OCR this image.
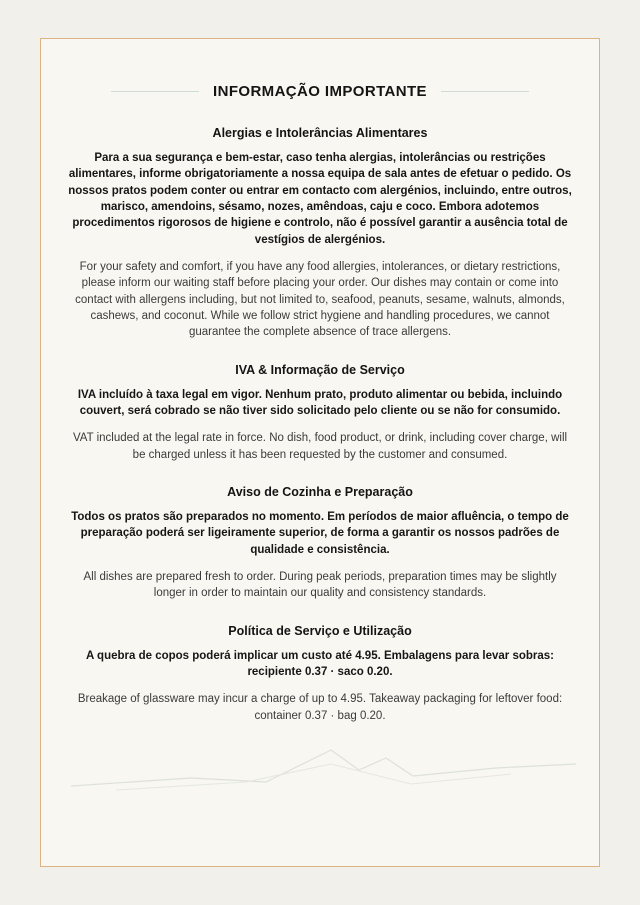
INFORMAÇÃO IMPORTANTE
Alergias e Intolerâncias Alimentares

Para a sua segurança e bem-estar, caso tenha alergias, intolerâncias ou restrições alimentares, informe obrigatoriamente a nossa equipa de sala antes de efetuar o pedido. Os nossos pratos podem conter ou entrar em contacto com alergénios, incluindo, entre outros, marisco, amendoins, sésamo, nozes, amêndoas, caju e coco. Embora adotemos procedimentos rigorosos de higiene e controlo, não é possível garantir a ausência total de vestígios de alergénios.

For your safety and comfort, if you have any food allergies, intolerances, or dietary restrictions, please inform our waiting staff before placing your order. Our dishes may contain or come into contact with allergens including, but not limited to, seafood, peanuts, sesame, walnuts, almonds, cashews, and coconut. While we follow strict hygiene and handling procedures, we cannot guarantee the complete absence of trace allergens.

IVA & Informação de Serviço

IVA incluído à taxa legal em vigor. Nenhum prato, produto alimentar ou bebida, incluindo couvert, será cobrado se não tiver sido solicitado pelo cliente ou se não for consumido.

VAT included at the legal rate in force. No dish, food product, or drink, including cover charge, will be charged unless it has been requested by the customer and consumed.

Aviso de Cozinha e Preparação

Todos os pratos são preparados no momento. Em períodos de maior afluência, o tempo de preparação poderá ser ligeiramente superior, de forma a garantir os nossos padrões de qualidade e consistência.

All dishes are prepared fresh to order. During peak periods, preparation times may be slightly longer in order to maintain our quality and consistency standards.

Política de Serviço e Utilização

A quebra de copos poderá implicar um custo até 4.95. Embalagens para levar sobras: recipiente 0.37 · saco 0.20.

Breakage of glassware may incur a charge of up to 4.95. Takeaway packaging for leftover food: container 0.37 · bag 0.20.
